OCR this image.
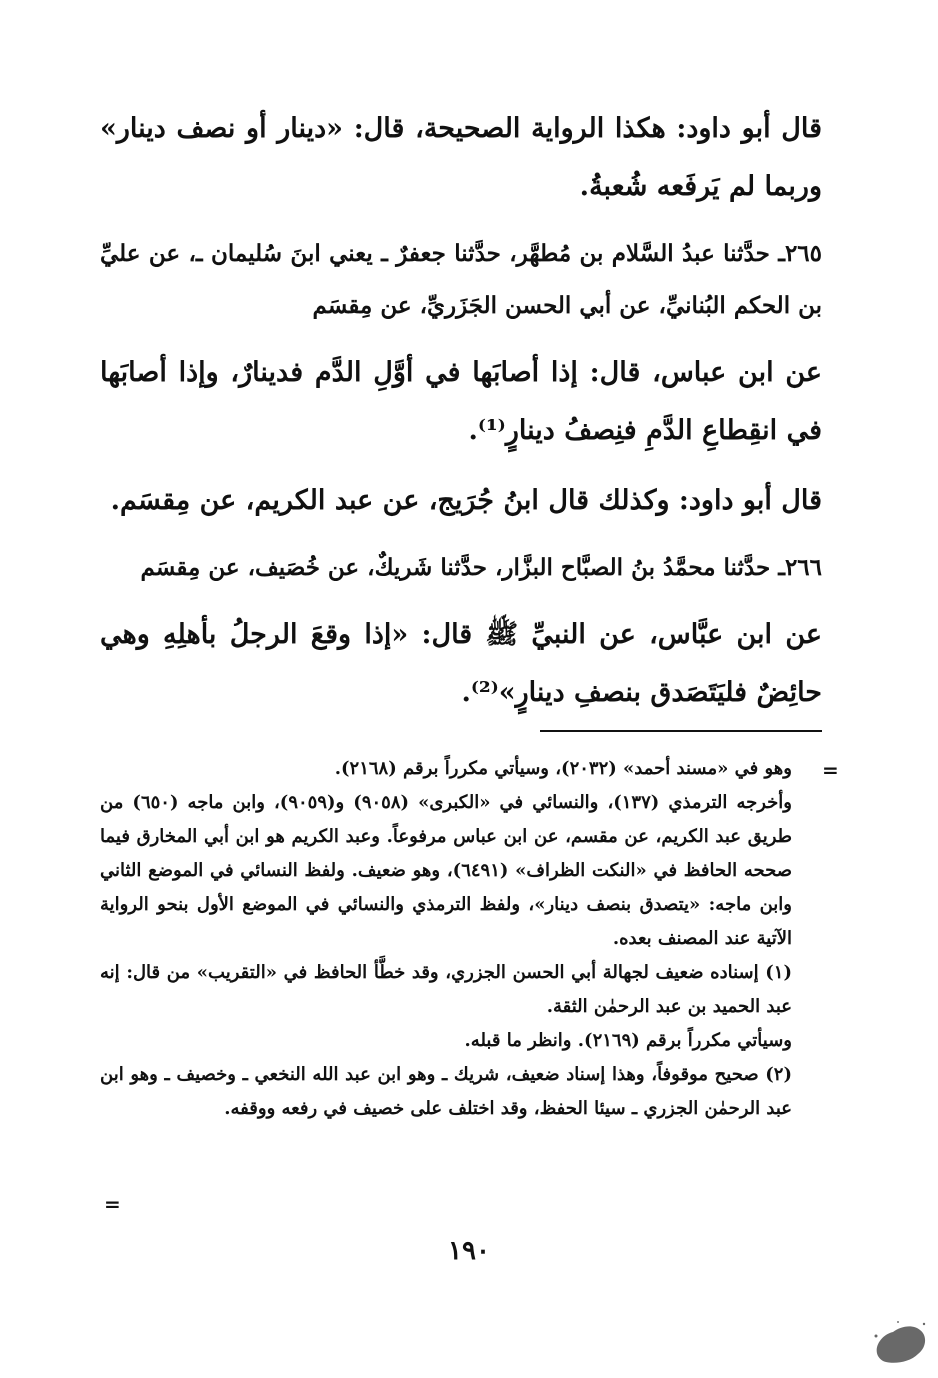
قال أبو داود: هكذا الرواية الصحيحة، قال: «دينار أو نصف دينار» وربما لم يَرفَعه شُعبةُ.

٢٦٥ـ حدَّثنا عبدُ السَّلام بن مُطهَّر، حدَّثنا جعفرٌ ـ يعني ابنَ سُليمان ـ، عن عليِّ بن الحكم البُنانيِّ، عن أبي الحسن الجَزَريِّ، عن مِقسَم

عن ابن عباس، قال: إذا أصابَها في أوَّلِ الدَّم فدينارٌ، وإذا أصابَها في انقِطاعِ الدَّمِ فنِصفُ دينارٍ⁽¹⁾.

قال أبو داود: وكذلك قال ابنُ جُرَيج، عن عبد الكريم، عن مِقسَم.

٢٦٦ـ حدَّثنا محمَّدُ بنُ الصبَّاح البزَّار، حدَّثنا شَريكٌ، عن خُصَيف، عن مِقسَم

عن ابن عبَّاس، عن النبيِّ ﷺ قال: «إذا وقعَ الرجلُ بأهلِهِ وهي حائِضٌ فليَتَصَدق بنصفِ دينارٍ»⁽²⁾.

=

وهو في «مسند أحمد» (٢٠٣٢)، وسيأتي مكرراً برقم (٢١٦٨).

وأخرجه الترمذي (١٣٧)، والنسائي في «الكبرى» (٩٠٥٨) و(٩٠٥٩)، وابن ماجه (٦٥٠) من طريق عبد الكريم، عن مقسم، عن ابن عباس مرفوعاً. وعبد الكريم هو ابن أبي المخارق فيما صححه الحافظ في «النكت الظراف» (٦٤٩١)، وهو ضعيف. ولفظ النسائي في الموضع الثاني وابن ماجه: «يتصدق بنصف دينار»، ولفظ الترمذي والنسائي في الموضع الأول بنحو الرواية الآتية عند المصنف بعده.

(١) إسناده ضعيف لجهالة أبي الحسن الجزري، وقد خطَّأ الحافظ في «التقريب» من قال: إنه عبد الحميد بن عبد الرحمٰن الثقة.

وسيأتي مكرراً برقم (٢١٦٩). وانظر ما قبله.

(٢) صحيح موقوفاً، وهذا إسناد ضعيف، شريك ـ وهو ابن عبد الله النخعي ـ وخصيف ـ وهو ابن عبد الرحمٰن الجزري ـ سيئا الحفظ، وقد اختلف على خصيف في رفعه ووقفه.

=
١٩٠
